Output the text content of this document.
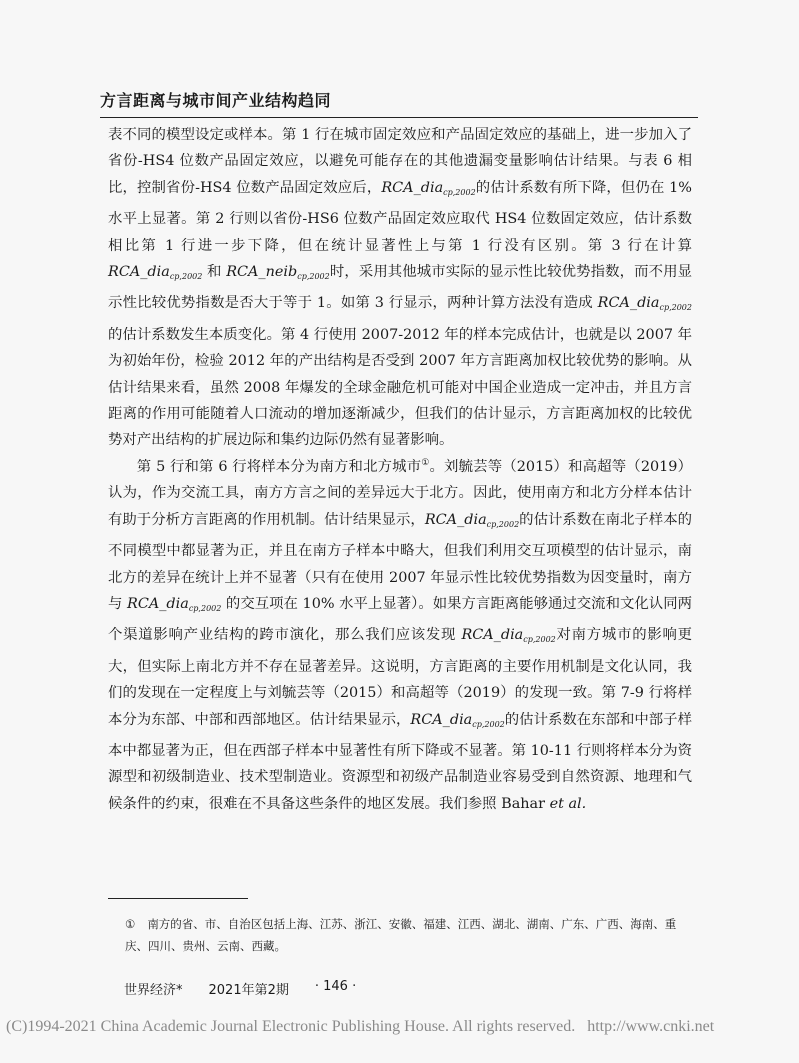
方言距离与城市间产业结构趋同

表不同的模型设定或样本。第 1 行在城市固定效应和产品固定效应的基础上，进一步加入了省份-HS4 位数产品固定效应，以避免可能存在的其他遗漏变量影响估计结果。与表 6 相比，控制省份-HS4 位数产品固定效应后，RCA_dia$_{cp,2002}$的估计系数有所下降，但仍在 1% 水平上显著。第 2 行则以省份-HS6 位数产品固定效应取代 HS4 位数固定效应，估计系数相比第 1 行进一步下降，但在统计显著性上与第 1 行没有区别。第 3 行在计算 RCA_dia$_{cp,2002}$ 和 RCA_neib$_{cp,2002}$时，采用其他城市实际的显示性比较优势指数，而不用显示性比较优势指数是否大于等于 1。如第 3 行显示，两种计算方法没有造成 RCA_dia$_{cp,2002}$的估计系数发生本质变化。第 4 行使用 2007-2012 年的样本完成估计，也就是以 2007 年为初始年份，检验 2012 年的产出结构是否受到 2007 年方言距离加权比较优势的影响。从估计结果来看，虽然 2008 年爆发的全球金融危机可能对中国企业造成一定冲击，并且方言距离的作用可能随着人口流动的增加逐渐减少，但我们的估计显示，方言距离加权的比较优势对产出结构的扩展边际和集约边际仍然有显著影响。

第 5 行和第 6 行将样本分为南方和北方城市①。刘毓芸等（2015）和高超等（2019）认为，作为交流工具，南方方言之间的差异远大于北方。因此，使用南方和北方分样本估计有助于分析方言距离的作用机制。估计结果显示，RCA_dia$_{cp,2002}$的估计系数在南北子样本的不同模型中都显著为正，并且在南方子样本中略大，但我们利用交互项模型的估计显示，南北方的差异在统计上并不显著（只有在使用 2007 年显示性比较优势指数为因变量时，南方与 RCA_dia$_{cp,2002}$ 的交互项在 10% 水平上显著）。如果方言距离能够通过交流和文化认同两个渠道影响产业结构的跨市演化，那么我们应该发现 RCA_dia$_{cp,2002}$对南方城市的影响更大，但实际上南北方并不存在显著差异。这说明，方言距离的主要作用机制是文化认同，我们的发现在一定程度上与刘毓芸等（2015）和高超等（2019）的发现一致。第 7-9 行将样本分为东部、中部和西部地区。估计结果显示，RCA_dia$_{cp,2002}$的估计系数在东部和中部子样本中都显著为正，但在西部子样本中显著性有所下降或不显著。第 10-11 行则将样本分为资源型和初级制造业、技术型制造业。资源型和初级产品制造业容易受到自然资源、地理和气候条件的约束，很难在不具备这些条件的地区发展。我们参照 Bahar et al.

① 南方的省、市、自治区包括上海、江苏、浙江、安徽、福建、江西、湖北、湖南、广东、广西、海南、重庆、四川、贵州、云南、西藏。
世界经济* 2021年第2期 · 146 ·
(C)1994-2021 China Academic Journal Electronic Publishing House. All rights reserved. http://www.cnki.net
